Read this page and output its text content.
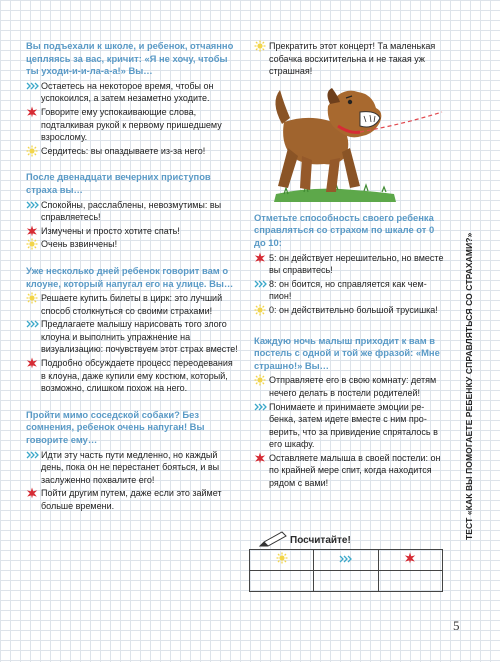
Вы подъехали к школе, и ребенок, отчаянно цепляясь за вас, кричит: «Я не хочу, чтобы ты уходи-и-и-ла-а-а!» Вы…

Остаетесь на некоторое время, чтобы он успокоился, а затем незаметно уходите.
Говорите ему успокаивающие слова, подталкивая рукой к первому пришедшему взрослому.
Сердитесь: вы опаздываете из-за него!

После двенадцати вечерних приступов страха вы…

Спокойны, расслаблены, невозмутимы: вы справляетесь!
Измучены и просто хотите спать!
Очень взвинчены!

Уже несколько дней ребенок говорит вам о клоуне, который напугал его на улице. Вы…

Решаете купить билеты в цирк: это лучший способ столкнуться со своими страхами!
Предлагаете малышу нарисовать того злого клоуна и выполнить упражнение на визуализацию: почувствуем этот страх вместе!
Подробно обсуждаете процесс переодевания в клоуна, даже купили ему костюм, который, возможно, слишком похож на него.

Пройти мимо соседской собаки? Без сомнения, ребенок очень напуган! Вы говорите ему…

Идти эту часть пути медленно, но каждый день, пока он не перестанет бояться, и вы заслуженно похвалите его!
Пойти другим путем, даже если это займет больше времени.
Прекратить этот концерт! Та маленькая собачка восхитительна и не такая уж страшная!

Отметьте способность своего ребенка справляться со страхом по шкале от 0 до 10:

5: он действует нерешительно, но вместе вы справитесь!
8: он боится, но справляется как чемпион!
0: он действительно большой трусишка!

Каждую ночь малыш приходит к вам в постель с одной и той же фразой: «Мне страшно!» Вы…

Отправляете его в свою комнату: детям нечего делать в постели родителей!
Понимаете и принимаете эмоции ребенка, затем идете вместе с ним проверить, что за привидение спряталось в его шкафу.
Оставляете малыша в своей постели: он по крайней мере спит, когда находится рядом с вами!
Посчитайте!

ТЕСТ «КАК ВЫ ПОМОГАЕТЕ РЕБЕНКУ СПРАВЛЯТЬСЯ СО СТРАХАМИ?»
5
